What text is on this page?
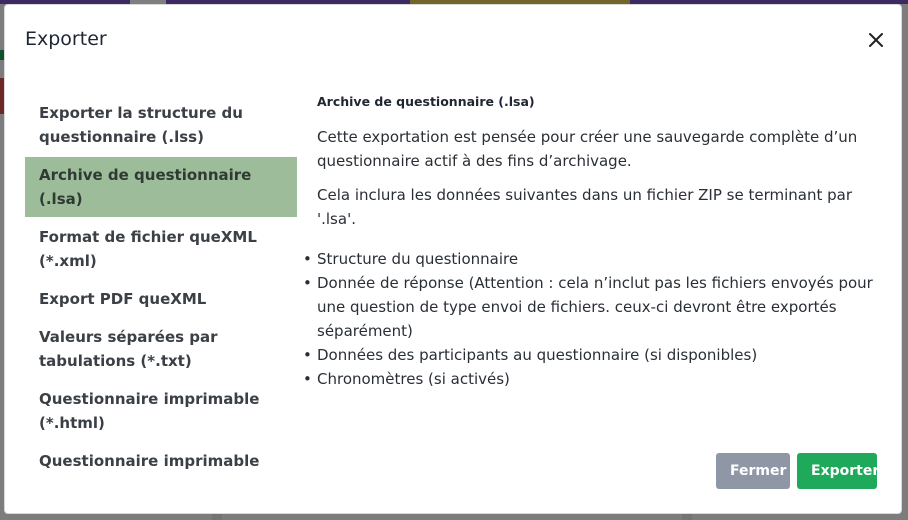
Exporter
Exporter la structure du questionnaire (.lss)
Archive de questionnaire (.lsa)
Format de fichier queXML (*.xml)
Export PDF queXML
Valeurs séparées par tabulations (*.txt)
Questionnaire imprimable (*.html)
Questionnaire imprimable

Archive de questionnaire (.lsa)

Cette exportation est pensée pour créer une sauvegarde complète d’un questionnaire actif à des fins d’archivage.

Cela inclura les données suivantes dans un fichier ZIP se terminant par '.lsa'.

• Structure du questionnaire
• Donnée de réponse (Attention : cela n’inclut pas les fichiers envoyés pour une question de type envoi de fichiers. ceux-ci devront être exportés séparément)
• Données des participants au questionnaire (si disponibles)
• Chronomètres (si activés)
Fermer	Exporter
